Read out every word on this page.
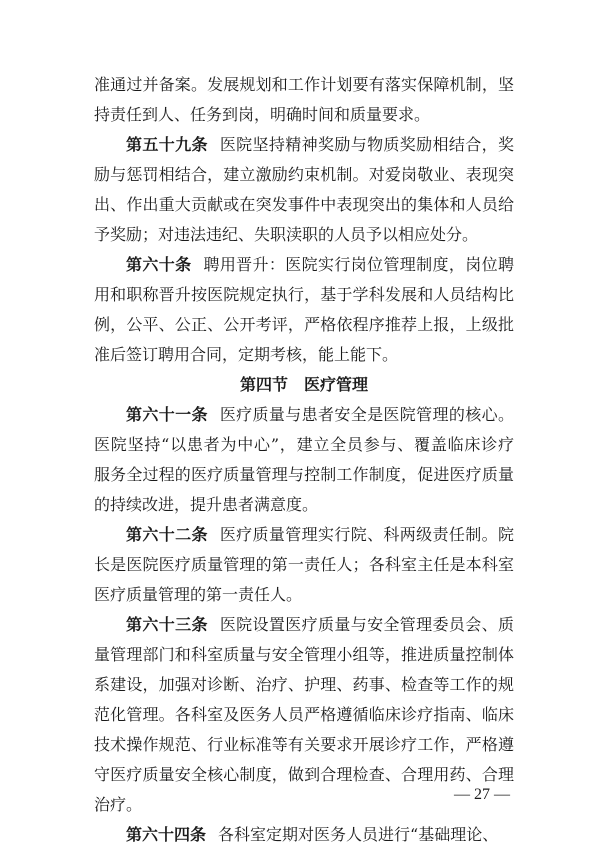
准通过并备案。发展规划和工作计划要有落实保障机制，坚
持责任到人、任务到岗，明确时间和质量要求。
第五十九条 医院坚持精神奖励与物质奖励相结合，奖
励与惩罚相结合，建立激励约束机制。对爱岗敬业、表现突
出、作出重大贡献或在突发事件中表现突出的集体和人员给
予奖励；对违法违纪、失职渎职的人员予以相应处分。
第六十条 聘用晋升：医院实行岗位管理制度，岗位聘
用和职称晋升按医院规定执行，基于学科发展和人员结构比
例，公平、公正、公开考评，严格依程序推荐上报，上级批
准后签订聘用合同，定期考核，能上能下。
第四节　医疗管理
第六十一条 医疗质量与患者安全是医院管理的核心。
医院坚持“以患者为中心”，建立全员参与、覆盖临床诊疗
服务全过程的医疗质量管理与控制工作制度，促进医疗质量
的持续改进，提升患者满意度。
第六十二条 医疗质量管理实行院、科两级责任制。院
长是医院医疗质量管理的第一责任人；各科室主任是本科室
医疗质量管理的第一责任人。
第六十三条 医院设置医疗质量与安全管理委员会、质
量管理部门和科室质量与安全管理小组等，推进质量控制体
系建设，加强对诊断、治疗、护理、药事、检查等工作的规
范化管理。各科室及医务人员严格遵循临床诊疗指南、临床
技术操作规范、行业标准等有关要求开展诊疗工作，严格遵
守医疗质量安全核心制度，做到合理检查、合理用药、合理
治疗。
第六十四条 各科室定期对医务人员进行“基础理论、
— 27 —
